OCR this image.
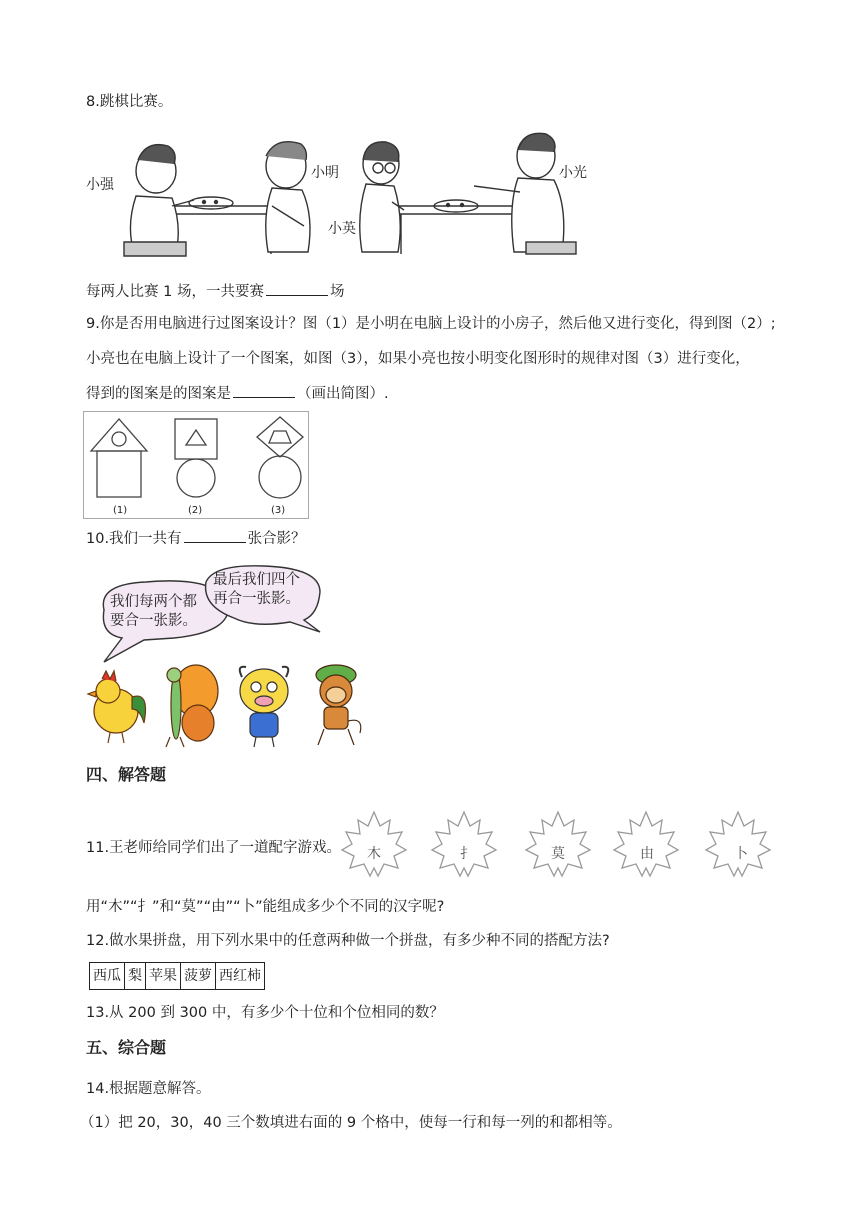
8.跳棋比赛。
小强
小明
小英
小光
每两人比赛 1 场，一共要赛	场
9.你是否用电脑进行过图案设计？图（1）是小明在电脑上设计的小房子，然后他又进行变化，得到图（2）;
小亮也在电脑上设计了一个图案，如图（3），如果小亮也按小明变化图形时的规律对图（3）进行变化，
得到的图案是的图案是	（画出简图）.
(1)	(2)	(3)
10.我们一共有	张合影？
我们每两个都
要合一张影。
最后我们四个
再合一张影。
四、解答题
11.王老师给同学们出了一道配字游戏。 木	扌	莫	由	卜
用“木”“扌”和“莫”“由”“卜”能组成多少个不同的汉字呢?
12.做水果拼盘，用下列水果中的任意两种做一个拼盘，有多少种不同的搭配方法?
西瓜	梨	苹果	菠萝	西红柿
13.从 200 到 300 中，有多少个十位和个位相同的数？
五、综合题
14.根据题意解答。
（1）把 20，30，40 三个数填进右面的 9 个格中，使每一行和每一列的和都相等。
